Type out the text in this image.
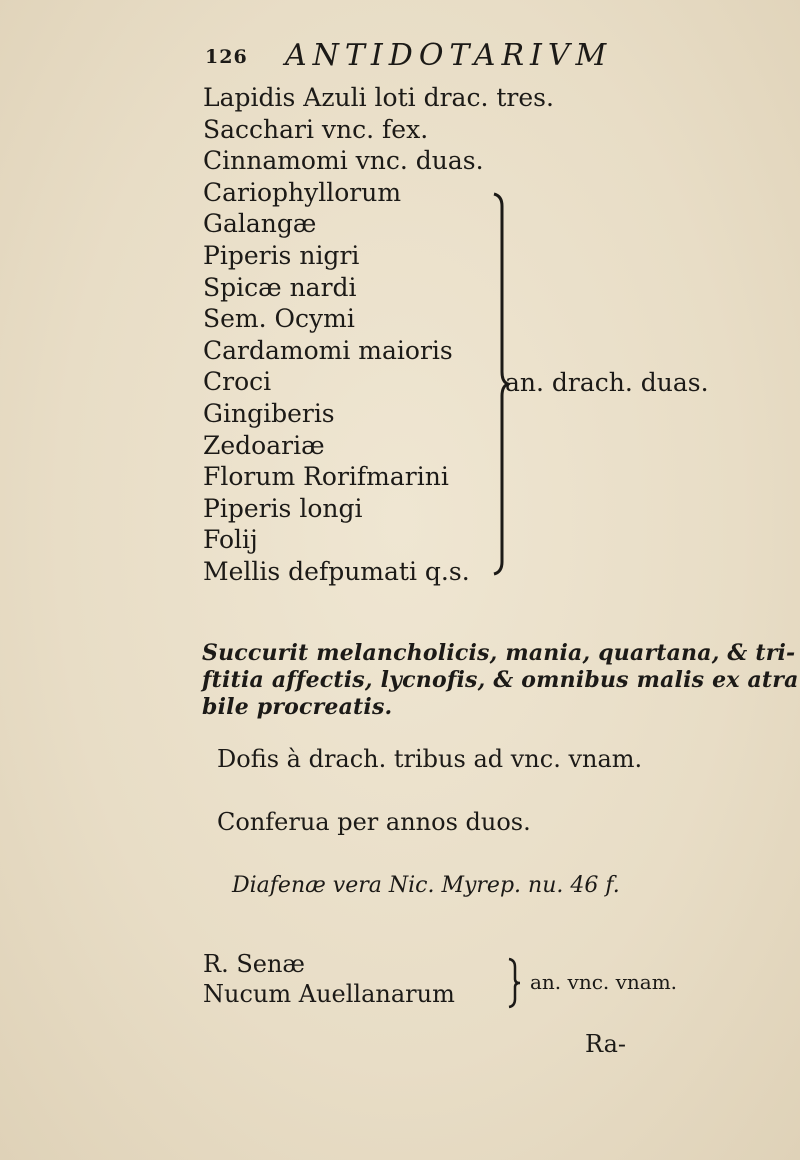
126 ANTIDOTARIVM
Lapidis Azuli loti drac. tres.
Sacchari vnc. fex.
Cinnamomi vnc. duas.
Cariophyllorum
Galangæ
Piperis nigri
Spicæ nardi
Sem. Ocymi
Cardamomi maioris
Croci
Gingiberis
Zedoariæ
Florum Rorifmarini
Piperis longi
Folij
Mellis defpumati q.s.
an. drach. duas.
Succurit melancholicis, mania, quartana, & tri-
ftitia affectis, lycnofis, & omnibus malis ex atra
bile procreatis.
Dofis à drach. tribus ad vnc. vnam.
Conferua per annos duos.
Diafenæ vera Nic. Myrep. nu. 46 f.
R. Senæ
Nucum Auellanarum	an. vnc. vnam.
Ra-
